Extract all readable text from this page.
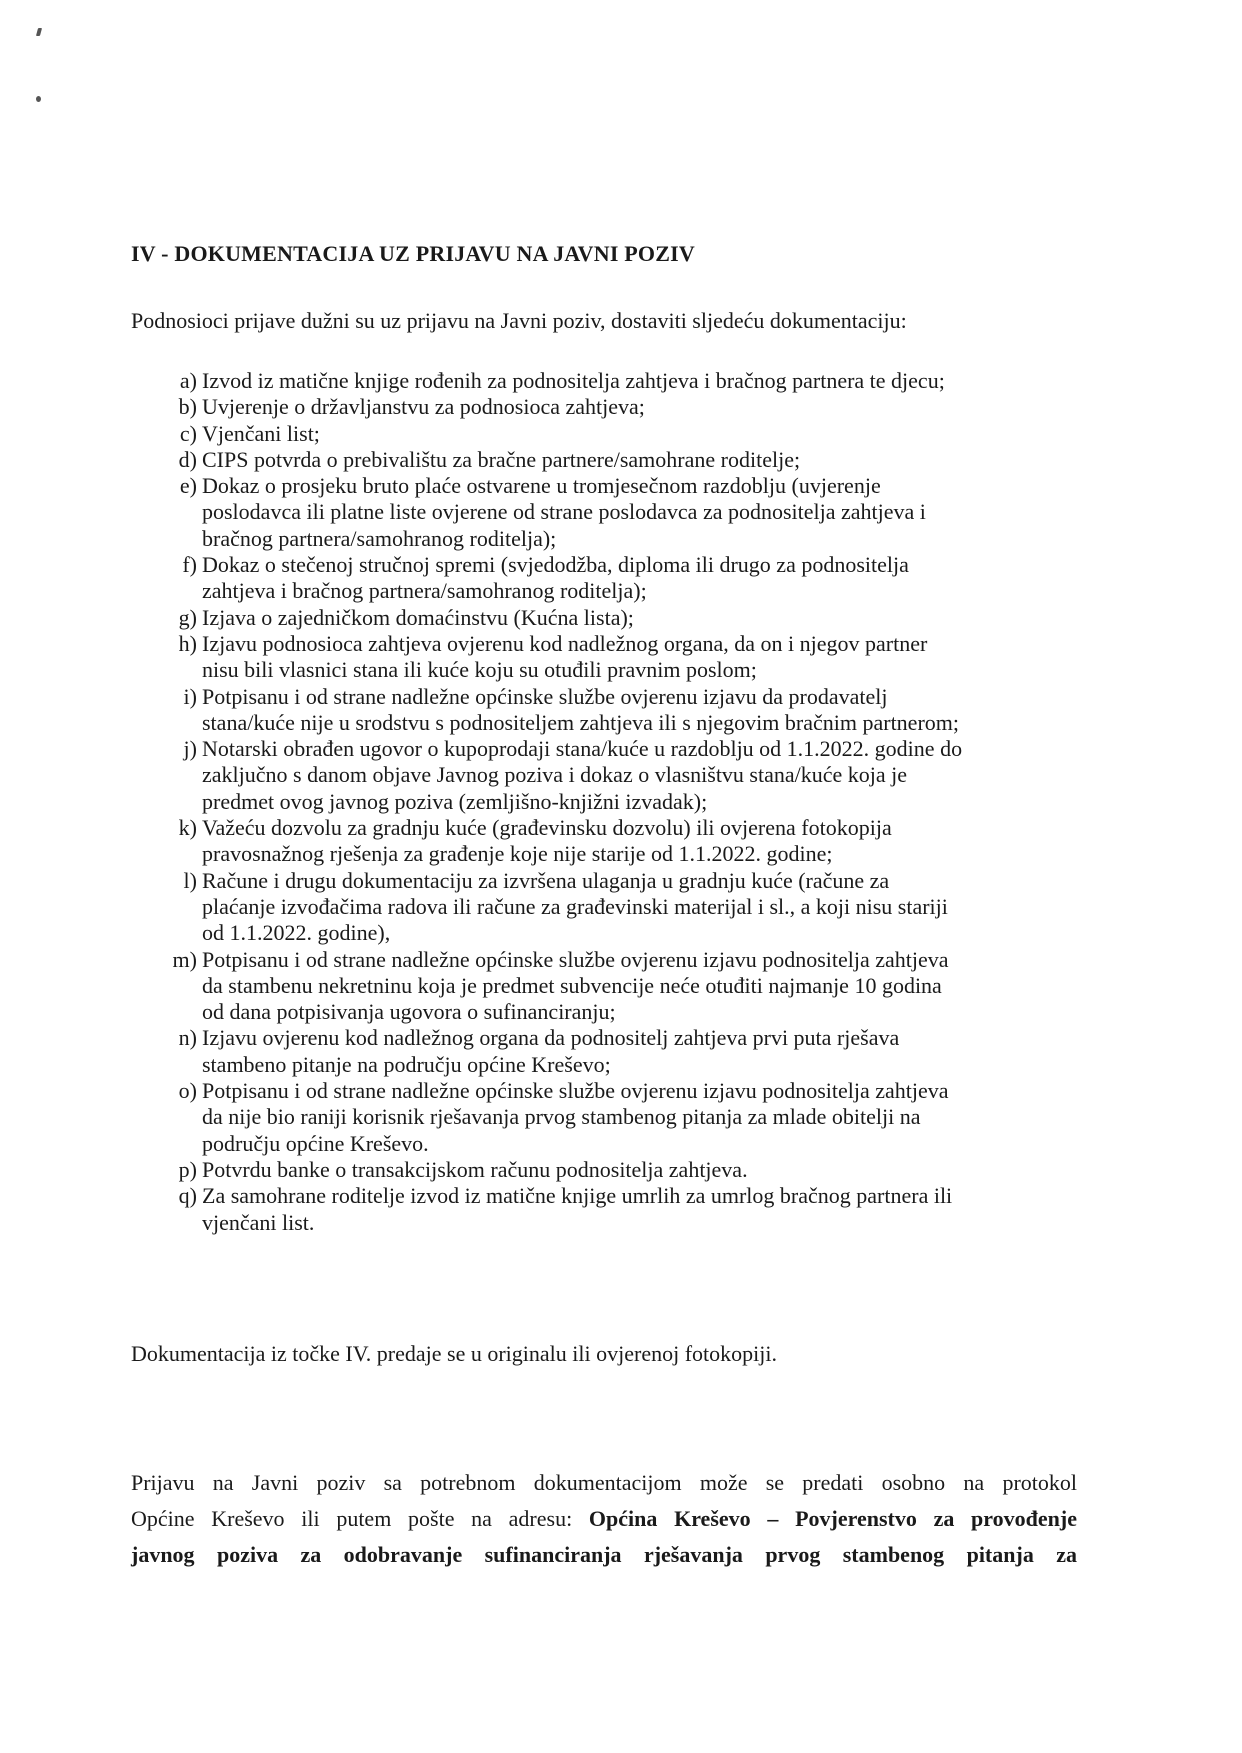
IV - DOKUMENTACIJA UZ PRIJAVU NA JAVNI POZIV
Podnosioci prijave dužni su uz prijavu na Javni poziv, dostaviti sljedeću dokumentaciju:
a) Izvod iz matične knjige rođenih za podnositelja zahtjeva i bračnog partnera te djecu;
b) Uvjerenje o državljanstvu za podnosioca zahtjeva;
c) Vjenčani list;
d) CIPS potvrda o prebivalištu za bračne partnere/samohrane roditelje;
e) Dokaz o prosjeku bruto plaće ostvarene u tromjesečnom razdoblju (uvjerenje
poslodavca ili platne liste ovjerene od strane poslodavca za podnositelja zahtjeva i
bračnog partnera/samohranog roditelja);
f) Dokaz o stečenoj stručnoj spremi (svjedodžba, diploma ili drugo za podnositelja
zahtjeva i bračnog partnera/samohranog roditelja);
g) Izjava o zajedničkom domaćinstvu (Kućna lista);
h) Izjavu podnosioca zahtjeva ovjerenu kod nadležnog organa, da on i njegov partner
nisu bili vlasnici stana ili kuće koju su otuđili pravnim poslom;
i) Potpisanu i od strane nadležne općinske službe ovjerenu izjavu da prodavatelj
stana/kuće nije u srodstvu s podnositeljem zahtjeva ili s njegovim bračnim partnerom;
j) Notarski obrađen ugovor o kupoprodaji stana/kuće u razdoblju od 1.1.2022. godine do
zaključno s danom objave Javnog poziva i dokaz o vlasništvu stana/kuće koja je
predmet ovog javnog poziva (zemljišno-knjižni izvadak);
k) Važeću dozvolu za gradnju kuće (građevinsku dozvolu) ili ovjerena fotokopija
pravosnažnog rješenja za građenje koje nije starije od 1.1.2022. godine;
l) Račune i drugu dokumentaciju za izvršena ulaganja u gradnju kuće (račune za
plaćanje izvođačima radova ili račune za građevinski materijal i sl., a koji nisu stariji
od 1.1.2022. godine),
m) Potpisanu i od strane nadležne općinske službe ovjerenu izjavu podnositelja zahtjeva
da stambenu nekretninu koja je predmet subvencije neće otuđiti najmanje 10 godina
od dana potpisivanja ugovora o sufinanciranju;
n) Izjavu ovjerenu kod nadležnog organa da podnositelj zahtjeva prvi puta rješava
stambeno pitanje na području općine Kreševo;
o) Potpisanu i od strane nadležne općinske službe ovjerenu izjavu podnositelja zahtjeva
da nije bio raniji korisnik rješavanja prvog stambenog pitanja za mlade obitelji na
području općine Kreševo.
p) Potvrdu banke o transakcijskom računu podnositelja zahtjeva.
q) Za samohrane roditelje izvod iz matične knjige umrlih za umrlog bračnog partnera ili
vjenčani list.
Dokumentacija iz točke IV. predaje se u originalu ili ovjerenoj fotokopiji.
Prijavu na Javni poziv sa potrebnom dokumentacijom može se predati osobno na protokol
Općine Kreševo ili putem pošte na adresu: Općina Kreševo – Povjerenstvo za provođenje
javnog poziva za odobravanje sufinanciranja rješavanja prvog stambenog pitanja za
